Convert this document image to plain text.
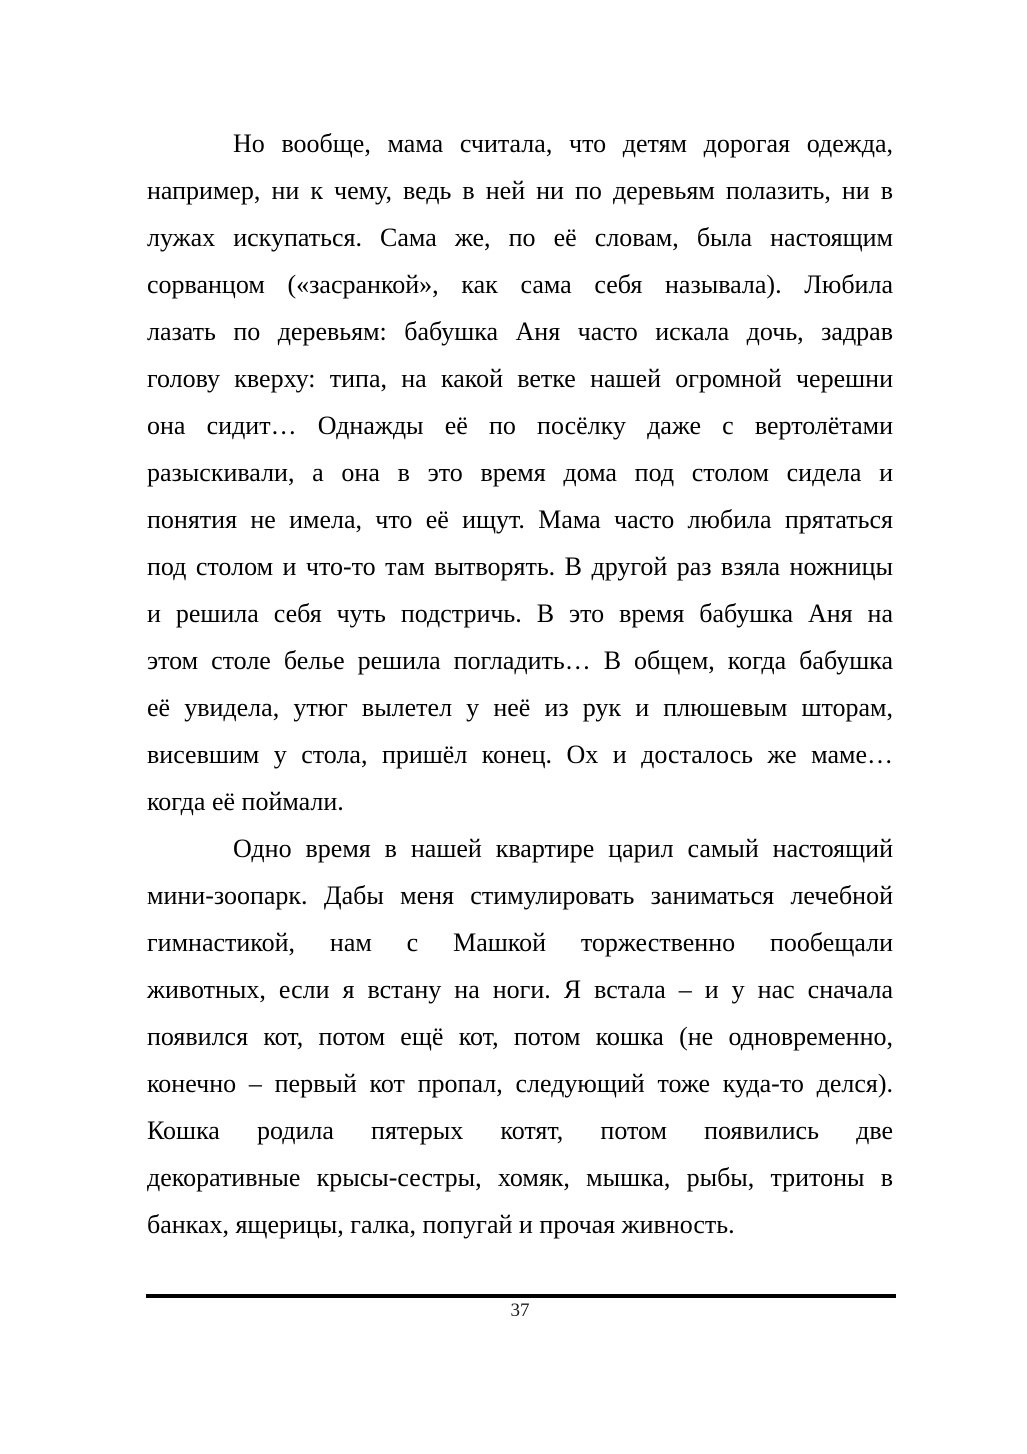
Но вообще, мама считала, что детям дорогая одежда,
например, ни к чему, ведь в ней ни по деревьям полазить, ни в
лужах искупаться. Сама же, по её словам, была настоящим
сорванцом («засранкой», как сама себя называла). Любила
лазать по деревьям: бабушка Аня часто искала дочь, задрав
голову кверху: типа, на какой ветке нашей огромной черешни
она сидит… Однажды её по посёлку даже с вертолётами
разыскивали, а она в это время дома под столом сидела и
понятия не имела, что её ищут. Мама часто любила прятаться
под столом и что-то там вытворять. В другой раз взяла ножницы
и решила себя чуть подстричь. В это время бабушка Аня на
этом столе белье решила погладить… В общем, когда бабушка
её увидела, утюг вылетел у неё из рук и плюшевым шторам,
висевшим у стола, пришёл конец. Ох и досталось же маме…
когда её поймали.
Одно время в нашей квартире царил самый настоящий
мини-зоопарк. Дабы меня стимулировать заниматься лечебной
гимнастикой, нам с Машкой торжественно пообещали
животных, если я встану на ноги. Я встала – и у нас сначала
появился кот, потом ещё кот, потом кошка (не одновременно,
конечно – первый кот пропал, следующий тоже куда-то делся).
Кошка родила пятерых котят, потом появились две
декоративные крысы-сестры, хомяк, мышка, рыбы, тритоны в
банках, ящерицы, галка, попугай и прочая живность.
37
